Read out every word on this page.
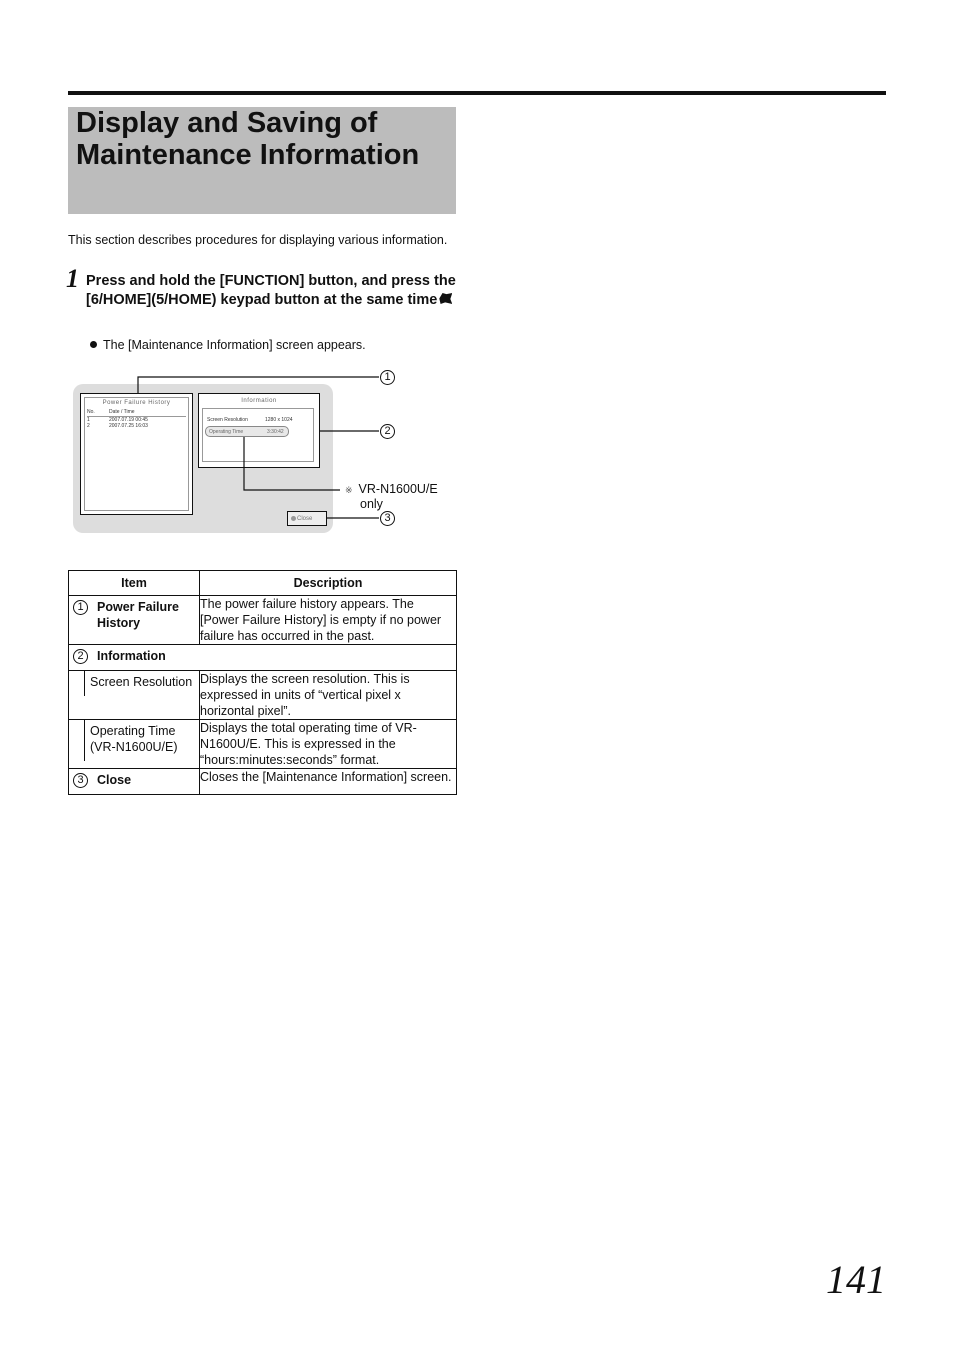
Display and Saving of
Maintenance Information
This section describes procedures for displaying various information.
1 Press and hold the [FUNCTION] button, and press the [6/HOME](5/HOME) keypad button at the same time
The [Maintenance Information] screen appears.
Power Failure History
No.	Date / Time
1	2007.07.19 00:45
2	2007.07.25 16:03
Information
Screen Resolution	1280 x 1024
Operating Time	3:30:42
Close
1
2
3
※ VR-N1600U/E
only
Item	Description

1 Power Failure History	The power failure history appears. The [Power Failure History] is empty if no power failure has occurred in the past.

2 Information	

Screen Resolution	Displays the screen resolution. This is expressed in units of “vertical pixel x horizontal pixel”.

Operating Time (VR-N1600U/E)	Displays the total operating time of VR-N1600U/E. This is expressed in the “hours:minutes:seconds” format.

3 Close	Closes the [Maintenance Information] screen.
141
